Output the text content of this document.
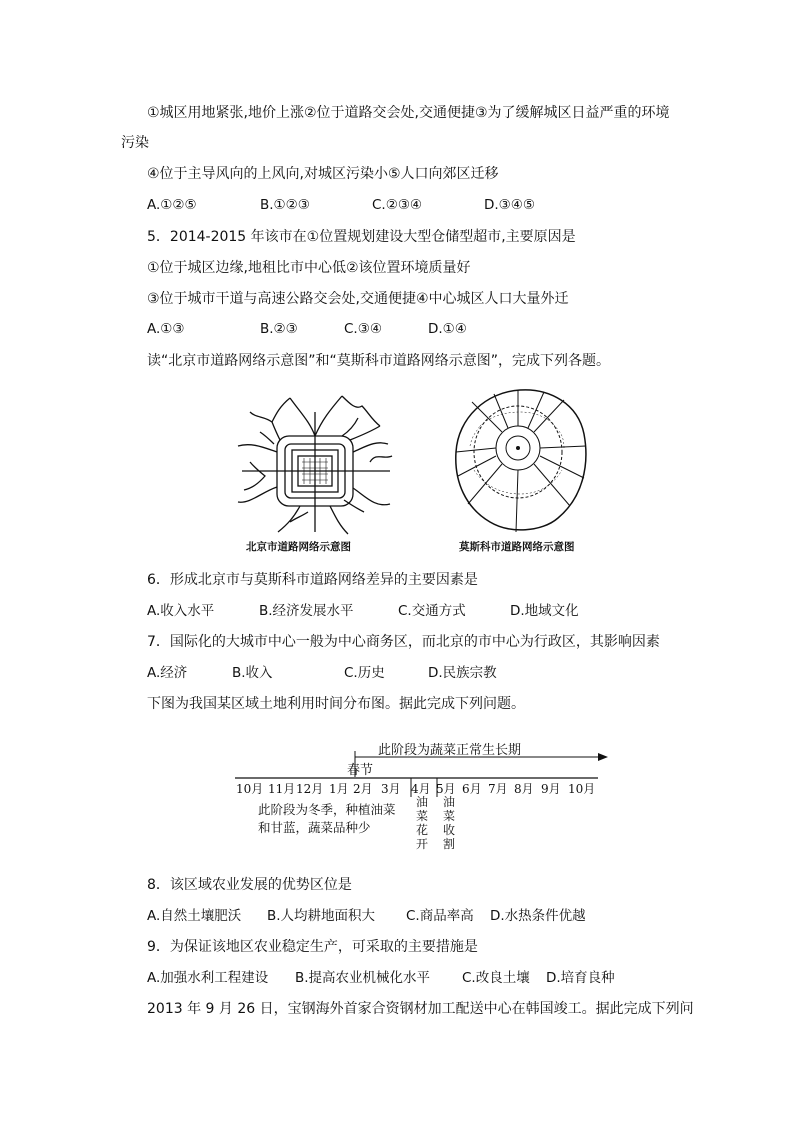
①城区用地紧张,地价上涨②位于道路交会处,交通便捷③为了缓解城区日益严重的环境
污染
④位于主导风向的上风向,对城区污染小⑤人口向郊区迁移
A.①②⑤	B.①②③	C.②③④	D.③④⑤
5．2014-2015 年该市在①位置规划建设大型仓储型超市,主要原因是
①位于城区边缘,地租比市中心低②该位置环境质量好
③位于城市干道与高速公路交会处,交通便捷④中心城区人口大量外迁
A.①③	B.②③	C.③④	D.①④
读“北京市道路网络示意图”和“莫斯科市道路网络示意图”，完成下列各题。
北京市道路网络示意图	莫斯科市道路网络示意图
6．形成北京市与莫斯科市道路网络差异的主要因素是
A.收入水平	B.经济发展水平	C.交通方式	D.地域文化
7．国际化的大城市中心一般为中心商务区，而北京的市中心为行政区，其影响因素
A.经济	B.收入	C.历史	D.民族宗教
下图为我国某区域土地利用时间分布图。据此完成下列问题。
此阶段为蔬菜正常生长期
春节
10月 11月 12月 1月 2月 3月 4月 5月 6月 7月 8月 9月 10月
此阶段为冬季，种植油菜
和甘蓝，蔬菜品种少
油菜花开
油菜收割
8．该区域农业发展的优势区位是
A.自然土壤肥沃 B.人均耕地面积大 C.商品率高 D.水热条件优越
9．为保证该地区农业稳定生产，可采取的主要措施是
A.加强水利工程建设 B.提高农业机械化水平 C.改良土壤 D.培育良种
2013 年 9 月 26 日，宝钢海外首家合资钢材加工配送中心在韩国竣工。据此完成下列问
